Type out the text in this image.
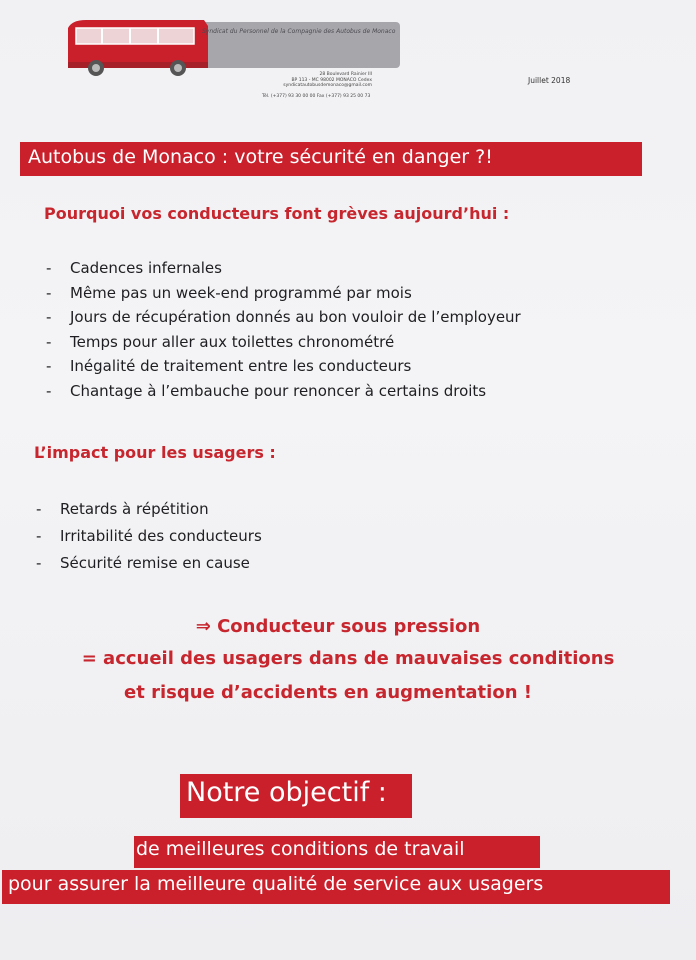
Syndicat du Personnel de la Compagnie des Autobus de Monaco
28 Boulevard Rainier III
BP 113 - MC 98002 MONACO Cedex
syndicatautobusdemonaco@gmail.com
Tél. (+377) 93 30 00 00 Fax (+377) 93 25 00 73
Juillet 2018
Autobus de Monaco : votre sécurité en danger ?!
Pourquoi vos conducteurs font grèves aujourd’hui :
- Cadences infernales
- Même pas un week-end programmé par mois
- Jours de récupération donnés au bon vouloir de l’employeur
- Temps pour aller aux toilettes chronométré
- Inégalité de traitement entre les conducteurs
- Chantage à l’embauche pour renoncer à certains droits
L’impact pour les usagers :
- Retards à répétition
- Irritabilité des conducteurs
- Sécurité remise en cause
⇒ Conducteur sous pression
= accueil des usagers dans de mauvaises conditions
et risque d’accidents en augmentation !
Notre objectif :
de meilleures conditions de travail
pour assurer la meilleure qualité de service aux usagers
